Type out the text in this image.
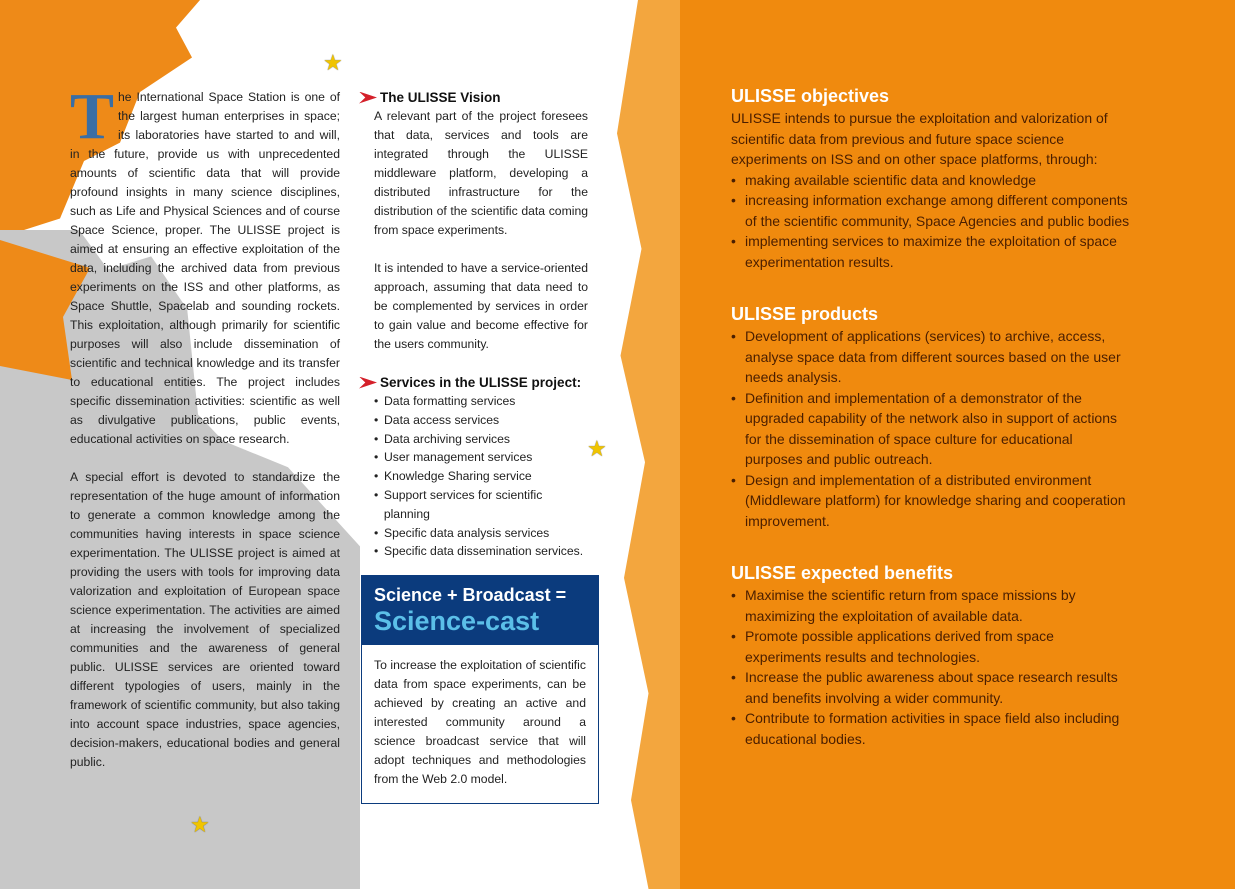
★
★
★

The International Space Station is one of the largest human enterprises in space; its laboratories have started to and will, in the future, provide us with unprecedented amounts of scientific data that will provide profound insights in many science disciplines, such as Life and Physical Sciences and of course Space Science, proper. The ULISSE project is aimed at ensuring an effective exploitation of the data, including the archived data from previous experiments on the ISS and other platforms, as Space Shuttle, Spacelab and sounding rockets. This exploitation, although primarily for scientific purposes will also include dissemination of scientific and technical knowledge and its transfer to educational entities. The project includes specific dissemination activities: scientific as well as divulgative publications, public events, educational activities on space research.

A special effort is devoted to standardize the representation of the huge amount of information to generate a common knowledge among the communities having interests in space science experimentation. The ULISSE project is aimed at providing the users with tools for improving data valorization and exploitation of European space science experimentation. The activities are aimed at increasing the involvement of specialized communities and the awareness of general public. ULISSE services are oriented toward different typologies of users, mainly in the framework of scientific community, but also taking into account space industries, space agencies, decision-makers, educational bodies and general public.

The ULISSE Vision
A relevant part of the project foresees that data, services and tools are integrated through the ULISSE middleware platform, developing a distributed infrastructure for the distribution of the scientific data coming from space experiments.
It is intended to have a service-oriented approach, assuming that data need to be complemented by services in order to gain value and become effective for the users community.
Services in the ULISSE project:
• Data formatting services
• Data access services
• Data archiving services
• User management services
• Knowledge Sharing service
• Support services for scientific planning
• Specific data analysis services
• Specific data dissemination services.
Science + Broadcast =
Science-cast
To increase the exploitation of scientific data from space experiments, can be achieved by creating an active and interested community around a science broadcast service that will adopt techniques and methodologies from the Web 2.0 model.
ULISSE objectives
ULISSE intends to pursue the exploitation and valorization of scientific data from previous and future space science experiments on ISS and on other space platforms, through:
• making available scientific data and knowledge
• increasing information exchange among different components of the scientific community, Space Agencies and public bodies
• implementing services to maximize the exploitation of space experimentation results.
ULISSE products
• Development of applications (services) to archive, access, analyse space data from different sources based on the user needs analysis.
• Definition and implementation of a demonstrator of the upgraded capability of the network also in support of actions for the dissemination of space culture for educational purposes and public outreach.
• Design and implementation of a distributed environment (Middleware platform) for knowledge sharing and cooperation improvement.
ULISSE expected benefits
• Maximise the scientific return from space missions by maximizing the exploitation of available data.
• Promote possible applications derived from space experiments results and technologies.
• Increase the public awareness about space research results and benefits involving a wider community.
• Contribute to formation activities in space field also including educational bodies.
